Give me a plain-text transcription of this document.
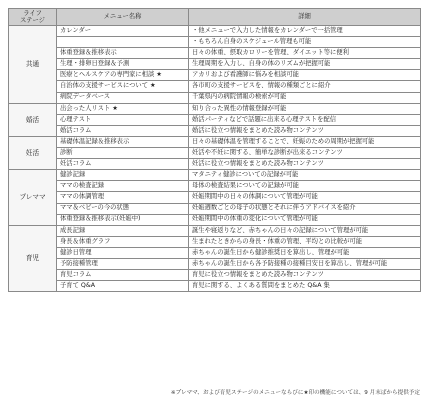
ライフ
ステージ	メニュー名称	詳細
共通	カレンダー	・他メニューで入力した情報をカレンダーで一括管理
		・もちろん自身のスケジュール管理も可能
	体重登録＆推移表示	日々の体重、摂取カロリーを管理、ダイエット等に便利
	生理・排卵日登録＆予測	生理周期を入力し、自身の体のリズムが把握可能
	医療とヘルスケアの専門家に相談 ★	アカリおよび看護師に悩みを相談可能
	自治体の支援サービスについて ★	各市町の支援サービスを、情報の種類ごとに紹介
	病院データベース	千葉県内の病院情報の検索が可能
婚活	出会った人リスト ★	知り合った異性の情報登録が可能
	心理テスト	婚活パーティなどで話題に出来る心理テストを配信
	婚活コラム	婚活に役立つ情報をまとめた読み物コンテンツ
妊活	基礎体温記録＆推移表示	日々の基礎体温を管理することで、妊娠のための周期が把握可能
	診断	妊活や不妊に関する、簡単な診断が出来るコンテンツ
	妊活コラム	妊活に役立つ情報をまとめた読み物コンテンツ
プレママ	健診記録	マタニティ健診についての記録が可能
	ママの検査記録	母体の検査結果についての記録が可能
	ママの体調管理	妊娠期間中の日々の体調について管理が可能
	ママ＆ベビーの今の状態	妊娠週数ごとの母子の状態とそれに伴うアドバイスを紹介
	体重登録＆推移表示(妊娠中)	妊娠期間中の体重の変化について管理が可能
育児	成長記録	誕生や寝返りなど、赤ちゃんの日々の記録について管理が可能
	身長＆体重グラフ	生まれたときからの身長・体重の管理、平均との比較が可能
	健診日管理	赤ちゃんの誕生日から健診推奨日を算出し、管理が可能
	予防接種管理	赤ちゃんの誕生日から各予防接種の接種目安日を算出し、管理が可能
	育児コラム	育児に役立つ情報をまとめた読み物コンテンツ
	子育て Q&A	育児に関する、よくある質問をまとめた Q&A 集
※プレママ、および育児ステージのメニューならびに★印の機能については、9 月末ばから提供予定
